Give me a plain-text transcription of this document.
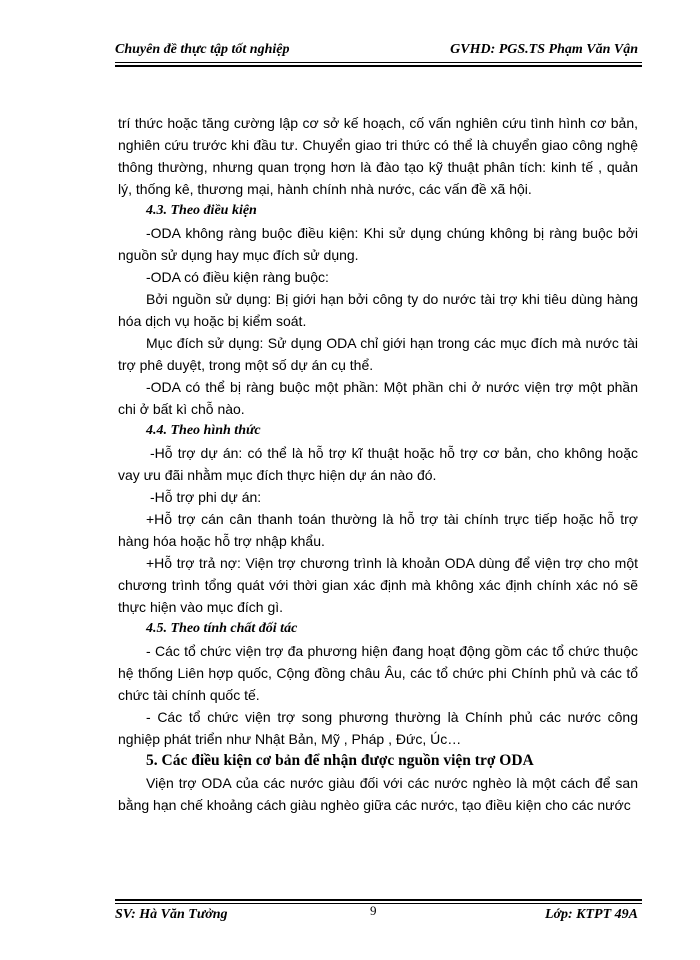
Chuyên đề thực tập tốt nghiệp	GVHD: PGS.TS Phạm Văn Vận

trí thức hoặc tăng cường lập cơ sở kế hoạch, cố vấn nghiên cứu tình hình cơ bản, nghiên cứu trước khi đầu tư. Chuyển giao tri thức có thể là chuyển giao công nghệ thông thường, nhưng quan trọng hơn là đào tạo kỹ thuật phân tích: kinh tế , quản lý, thống kê, thương mại, hành chính nhà nước, các vấn đề xã hội.

4.3. Theo điều kiện

-ODA không ràng buộc điều kiện: Khi sử dụng chúng không bị ràng buộc bởi nguồn sử dụng hay mục đích sử dụng.

-ODA có điều kiện ràng buộc:

Bởi nguồn sử dụng: Bị giới hạn bởi công ty do nước tài trợ khi tiêu dùng hàng hóa dịch vụ hoặc bị kiểm soát.

Mục đích sử dụng: Sử dụng ODA chỉ giới hạn trong các mục đích mà nước tài trợ phê duyệt, trong một số dự án cụ thể.

-ODA có thể bị ràng buộc một phần: Một phần chi ở nước viện trợ một phần chi ở bất kì chỗ nào.

4.4. Theo hình thức

-Hỗ trợ dự án: có thể là hỗ trợ kĩ thuật hoặc hỗ trợ cơ bản, cho không hoặc vay ưu đãi nhằm mục đích thực hiện dự án nào đó.

-Hỗ trợ phi dự án:

+Hỗ trợ cán cân thanh toán thường là hỗ trợ tài chính trực tiếp hoặc hỗ trợ hàng hóa hoặc hỗ trợ nhập khẩu.

+Hỗ trợ trả nợ: Viện trợ chương trình là khoản ODA dùng để viện trợ cho một chương trình tổng quát với thời gian xác định mà không xác định chính xác nó sẽ thực hiện vào mục đích gì.

4.5. Theo tính chất đối tác

- Các tổ chức viện trợ đa phương hiện đang hoạt động gồm các tổ chức thuộc hệ thống Liên hợp quốc, Cộng đồng châu Âu, các tổ chức phi Chính phủ và các tổ chức tài chính quốc tế.

- Các tổ chức viện trợ song phương thường là Chính phủ các nước công nghiệp phát triển như Nhật Bản, Mỹ , Pháp , Đức, Úc…

5. Các điều kiện cơ bản để nhận được nguồn viện trợ ODA

Viện trợ ODA của các nước giàu đối với các nước nghèo là một cách để san bằng hạn chế khoảng cách giàu nghèo giữa các nước, tạo điều kiện cho các nước

SV: Hà Văn Tưởng	9	Lớp: KTPT 49A
